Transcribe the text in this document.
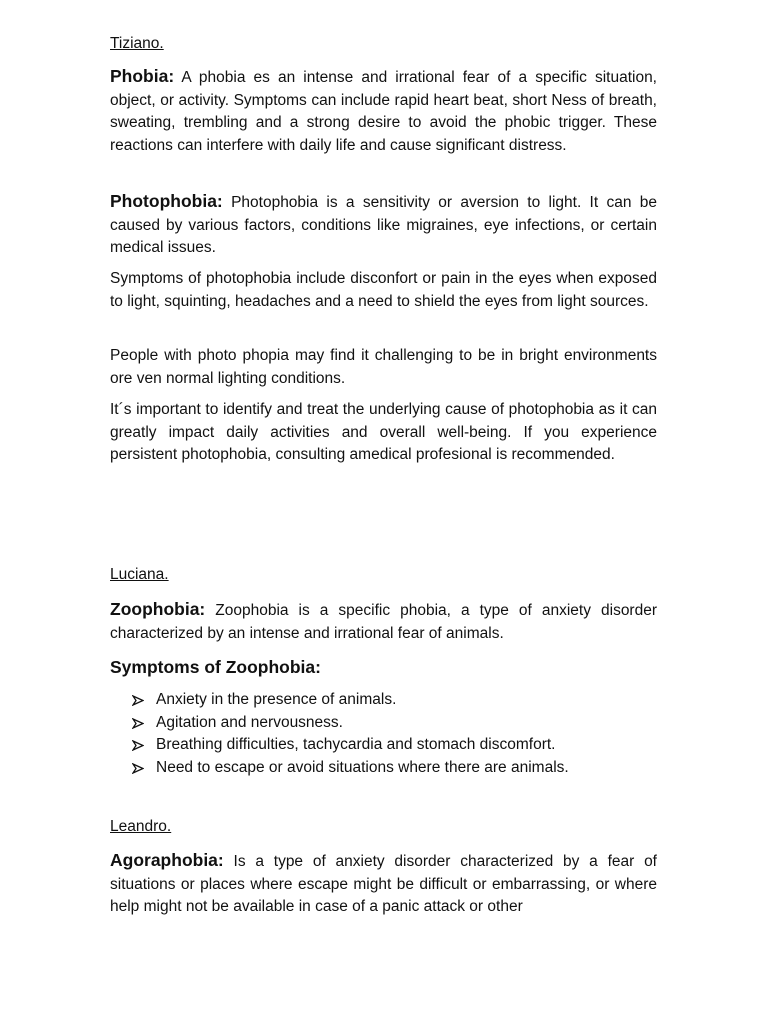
Tiziano.

Phobia: A phobia es an intense and irrational fear of a specific situation, object, or activity. Symptoms can include rapid heart beat, short Ness of breath, sweating, trembling and a strong desire to avoid the phobic trigger. These reactions can interfere with daily life and cause significant distress.

Photophobia: Photophobia is a sensitivity or aversion to light. It can be caused by various factors, conditions like migraines, eye infections, or certain medical issues.

Symptoms of photophobia include disconfort or pain in the eyes when exposed to light, squinting, headaches and a need to shield the eyes from light sources.

People with photo phopia may find it challenging to be in bright environments ore ven normal lighting conditions.

It´s important to identify and treat the underlying cause of photophobia as it can greatly impact daily activities and overall well-being. If you experience persistent photophobia, consulting amedical profesional is recommended.

Luciana.

Zoophobia: Zoophobia is a specific phobia, a type of anxiety disorder characterized by an intense and irrational fear of animals.

Symptoms of Zoophobia:
Anxiety in the presence of animals.
Agitation and nervousness.
Breathing difficulties, tachycardia and stomach discomfort.
Need to escape or avoid situations where there are animals.
Leandro.

Agoraphobia: Is a type of anxiety disorder characterized by a fear of situations or places where escape might be difficult or embarrassing, or where help might not be available in case of a panic attack or other
